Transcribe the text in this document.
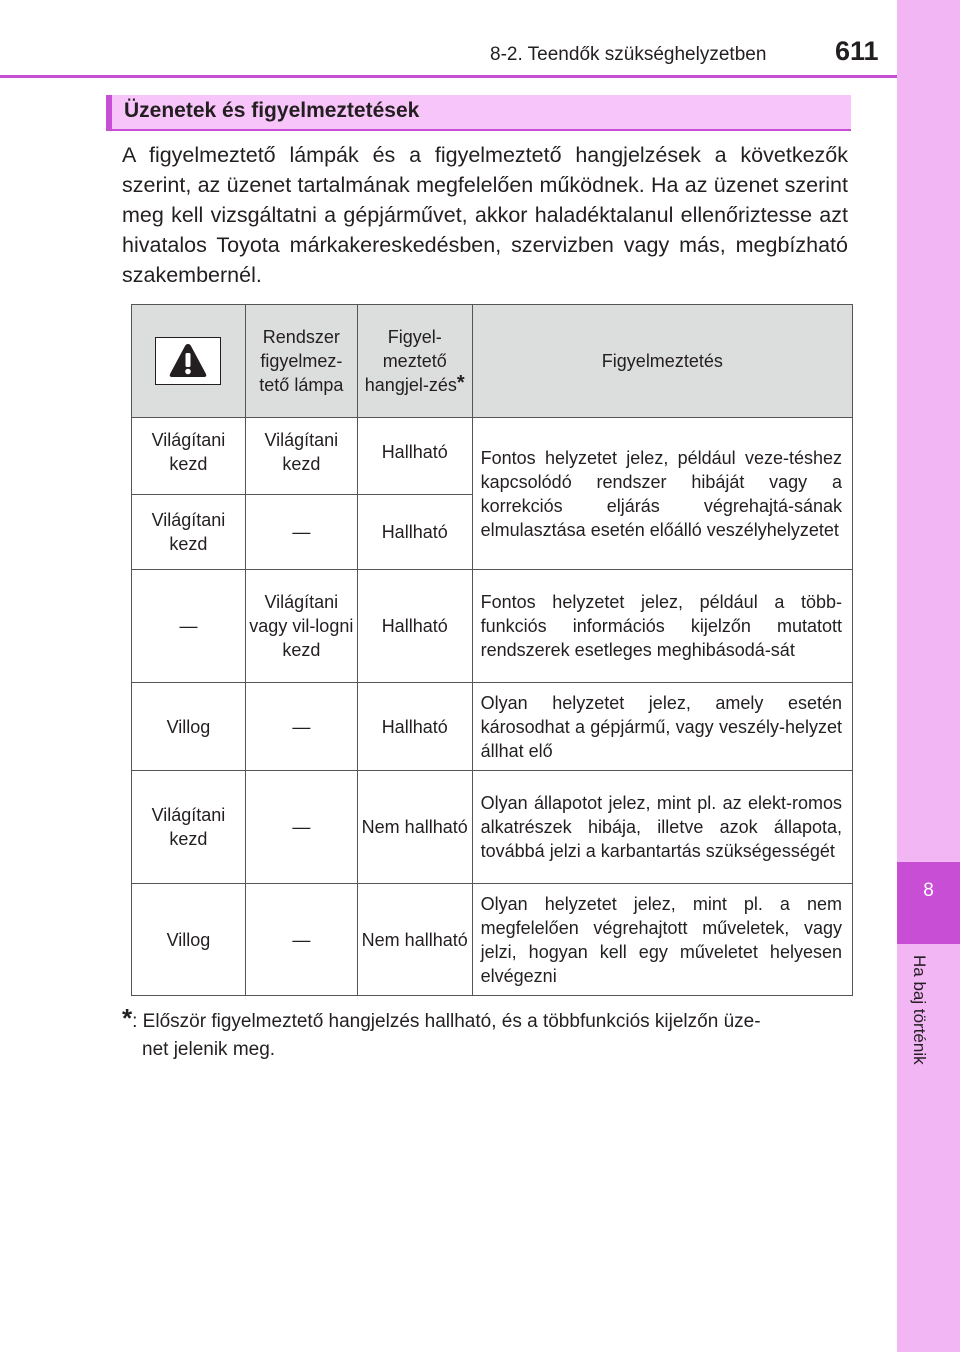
8
Ha baj történik
8-2. Teendők szükséghelyzetben	611
Üzenetek és figyelmeztetések

A figyelmeztető lámpák és a figyelmeztető hangjelzések a következők szerint, az üzenet tartalmának megfelelően működnek. Ha az üzenet szerint meg kell vizsgáltatni a gépjárművet, akkor haladéktalanul ellenőriztesse azt hivatalos Toyota márkakereskedésben, szervizben vagy más, megbízható szakembernél.

	Rendszer figyelmez-tető lámpa	Figyel-meztető hangjel-zés*	Figyelmeztetés
Világítani kezd	Világítani kezd	Hallható	Fontos helyzetet jelez, például veze-téshez kapcsolódó rendszer hibáját vagy a korrekciós eljárás végrehajtá-sának elmulasztása esetén előálló veszélyhelyzetet
Világítani kezd	—	Hallható	
—	Világítani vagy vil-logni kezd	Hallható	Fontos helyzetet jelez, például a több-funkciós információs kijelzőn mutatott rendszerek esetleges meghibásodá-sát
Villog	—	Hallható	Olyan helyzetet jelez, amely esetén károsodhat a gépjármű, vagy veszély-helyzet állhat elő
Világítani kezd	—	Nem hallható	Olyan állapotot jelez, mint pl. az elekt-romos alkatrészek hibája, illetve azok állapota, továbbá jelzi a karbantartás szükségességét
Villog	—	Nem hallható	Olyan helyzetet jelez, mint pl. a nem megfelelően végrehajtott műveletek, vagy jelzi, hogyan kell egy műveletet helyesen elvégezni
*: Először figyelmeztető hangjelzés hallható, és a többfunkciós kijelzőn üze-
net jelenik meg.
